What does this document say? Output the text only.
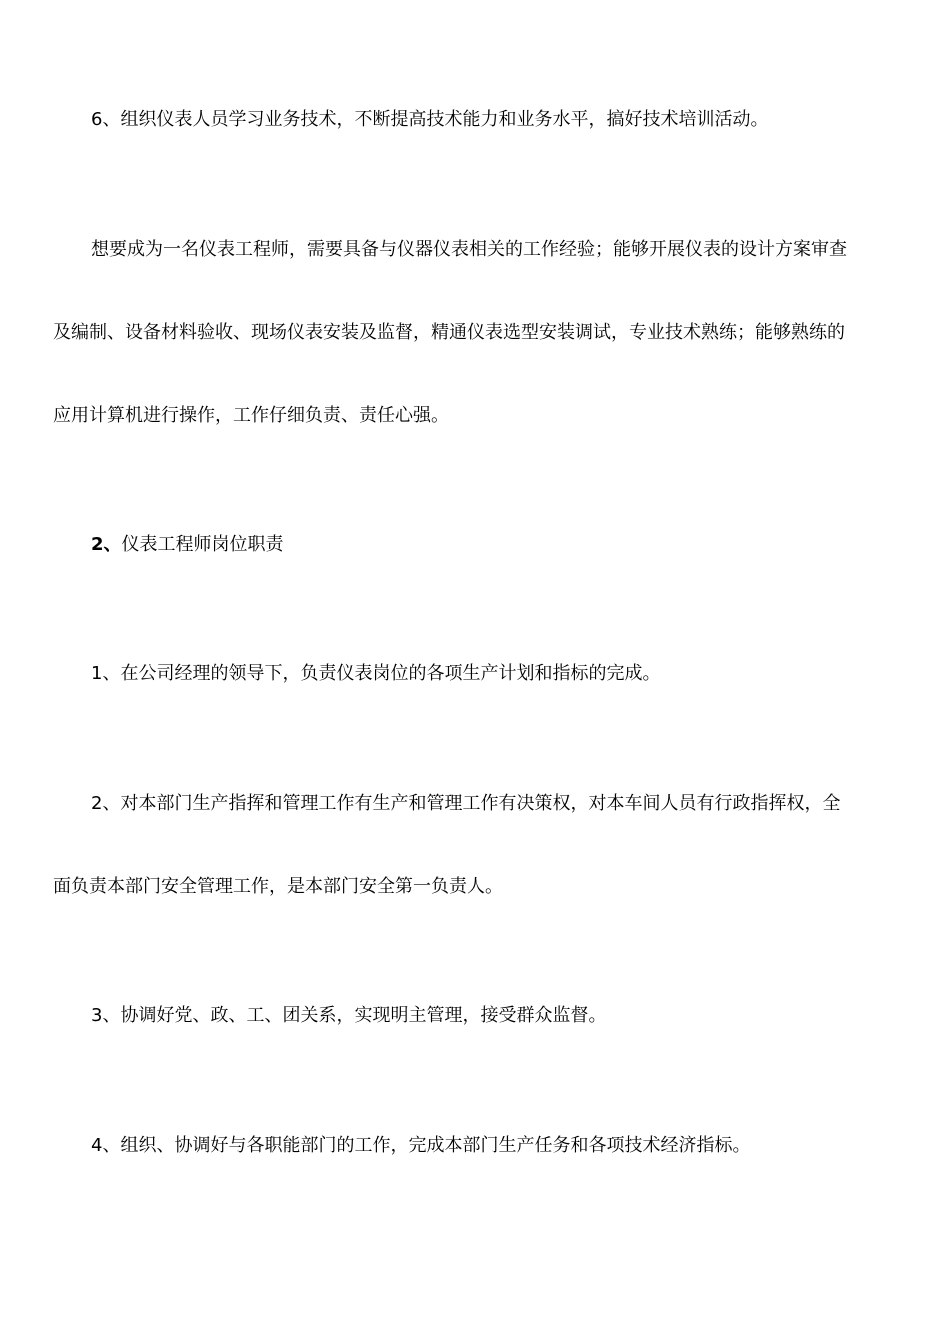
6、组织仪表人员学习业务技术，不断提高技术能力和业务水平，搞好技术培训活动。

想要成为一名仪表工程师，需要具备与仪器仪表相关的工作经验；能够开展仪表的设计方案审查
及编制、设备材料验收、现场仪表安装及监督，精通仪表选型安装调试，专业技术熟练；能够熟练的
应用计算机进行操作，工作仔细负责、责任心强。

2、仪表工程师岗位职责

1、在公司经理的领导下，负责仪表岗位的各项生产计划和指标的完成。

2、对本部门生产指挥和管理工作有生产和管理工作有决策权，对本车间人员有行政指挥权，全
面负责本部门安全管理工作，是本部门安全第一负责人。

3、协调好党、政、工、团关系，实现明主管理，接受群众监督。

4、组织、协调好与各职能部门的工作，完成本部门生产任务和各项技术经济指标。
